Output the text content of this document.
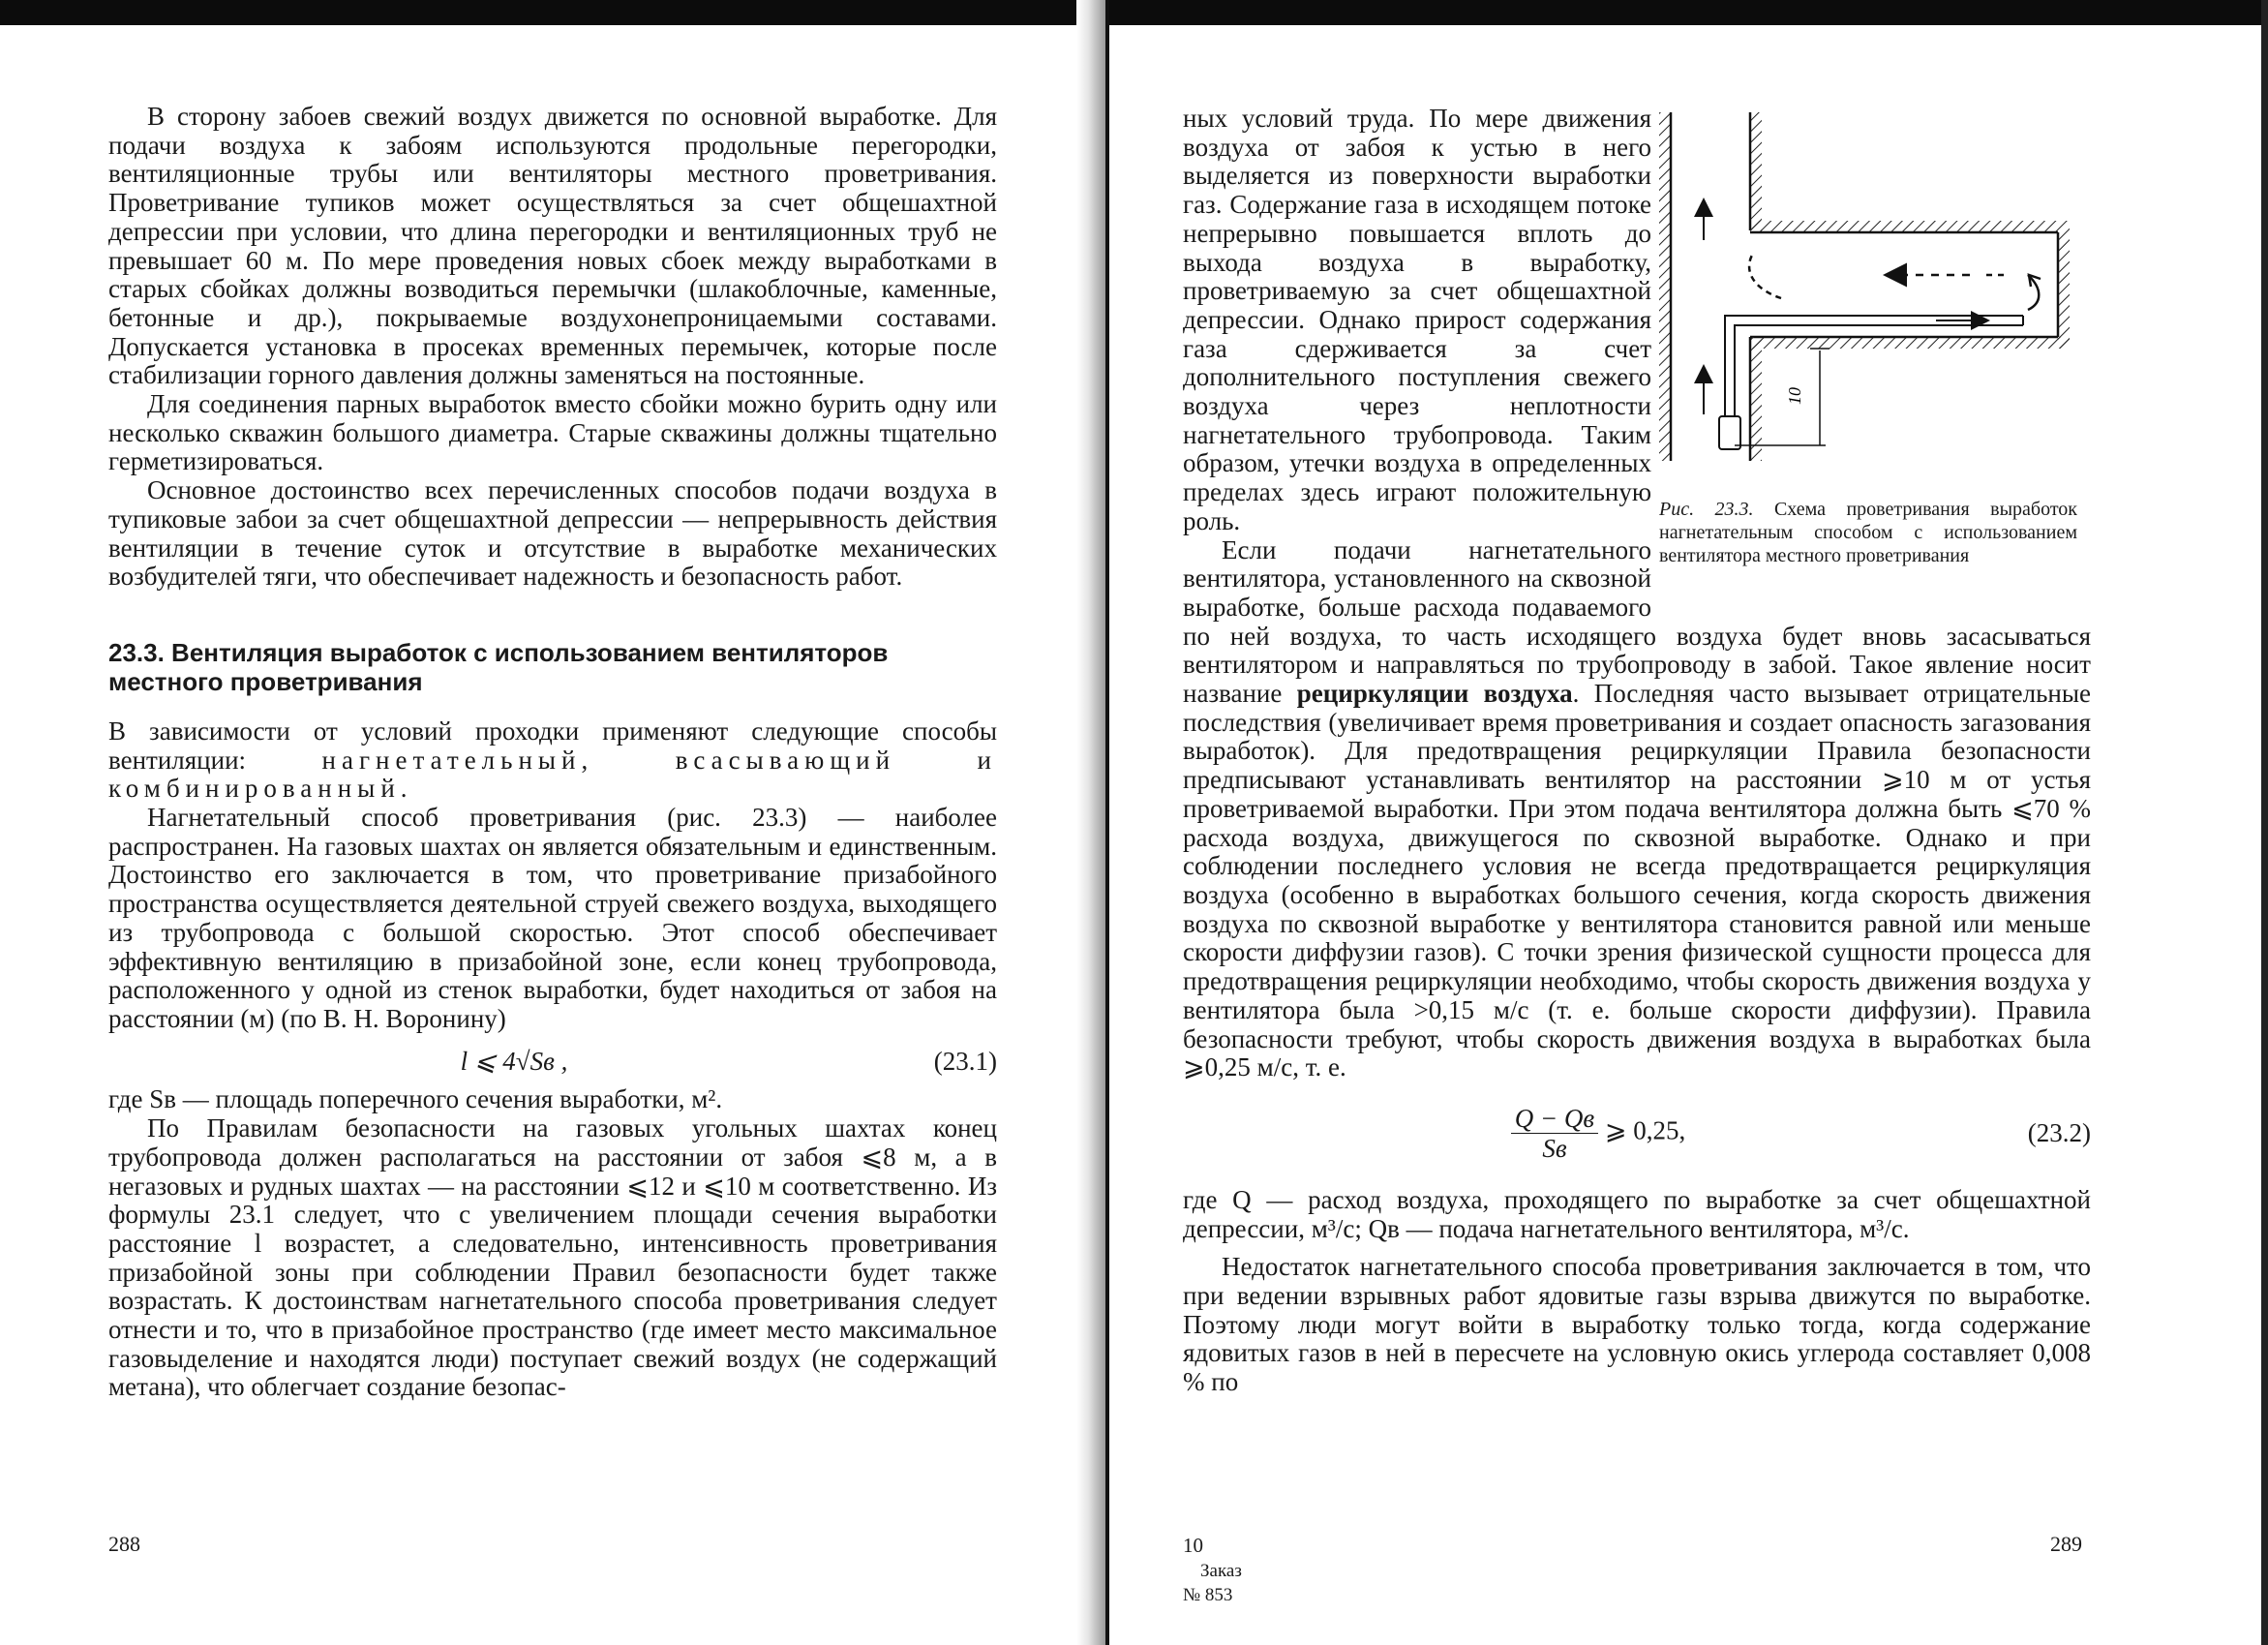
В сторону забоев свежий воздух движется по основной выработке. Для подачи воздуха к забоям используются продольные перегородки, вентиляционные трубы или вентиляторы местного проветривания. Проветривание тупиков может осуществляться за счет общешахтной депрессии при условии, что длина перегородки и вентиляционных труб не превышает 60 м. По мере проведения новых сбоек между выработками в старых сбойках должны возводиться перемычки (шлакоблочные, каменные, бетонные и др.), покрываемые воздухонепроницаемыми составами. Допускается установка в просеках временных перемычек, которые после стабилизации горного давления должны заменяться на постоянные.

Для соединения парных выработок вместо сбойки можно бурить одну или несколько скважин большого диаметра. Старые скважины должны тщательно герметизироваться.

Основное достоинство всех перечисленных способов подачи воздуха в тупиковые забои за счет общешахтной депрессии — непрерывность действия вентиляции в течение суток и отсутствие в выработке механических возбудителей тяги, что обеспечивает надежность и безопасность работ.

23.3. Вентиляция выработок с использованием вентиляторов местного проветривания

В зависимости от условий проходки применяют следующие способы вентиляции:	нагнетательный, всасывающий и комбинированный.

Нагнетательный способ проветривания (рис. 23.3) — наиболее распространен. На газовых шахтах он является обязательным и единственным. Достоинство его заключается в том, что проветривание призабойного пространства осуществляется деятельной струей свежего воздуха, выходящего из трубопровода с большой скоростью. Этот способ обеспечивает эффективную вентиляцию в призабойной зоне, если конец трубопровода, расположенного у одной из стенок выработки, будет находиться от забоя на расстоянии (м) (по В. Н. Воронину)

l ⩽ 4√Sв ,	(23.1)

где Sв — площадь поперечного сечения выработки, м².

По Правилам безопасности на газовых угольных шахтах конец трубопровода должен располагаться на расстоянии от забоя ⩽8 м, а в негазовых и рудных шахтах — на расстоянии ⩽12 и ⩽10 м соответственно. Из формулы 23.1 следует, что с увеличением площади сечения выработки расстояние l возрастет, а следовательно, интенсивность проветривания призабойной зоны при соблюдении Правил безопасности будет также возрастать. К достоинствам нагнетательного способа проветривания следует отнести и то, что в призабойное пространство (где имеет место максимальное газовыделение и находятся люди) поступает свежий воздух (не содержащий метана), что облегчает создание безопас-

288

ных условий труда. По мере движения воздуха от забоя к устью в него выделяется из поверхности выработки газ. Содержание газа в исходящем потоке непрерывно повышается вплоть до выхода воздуха в выработку, проветриваемую за счет общешахтной депрессии. Однако прирост содержания газа сдерживается за счет дополнительного поступления свежего воздуха через неплотности нагнетательного трубопровода. Таким образом, утечки воздуха в определенных пределах здесь играют положительную роль.

Если подачи нагнетательного вентилятора, установленного на сквозной выработке, больше расхода подаваемого по ней воздуха, то часть исходящего воздуха будет вновь засасываться вентилятором и направляться по трубопроводу в забой. Такое явление носит название рециркуляции воздуха. Последняя часто вызывает отрицательные последствия (увеличивает время проветривания и создает опасность загазования выработок). Для предотвращения рециркуляции Правила безопасности предписывают устанавливать вентилятор на расстоянии ⩾10 м от устья проветриваемой выработки. При этом подача вентилятора должна быть ⩽70 % расхода воздуха, движущегося по сквозной выработке. Однако и при соблюдении последнего условия не всегда предотвращается рециркуляция воздуха (особенно в выработках большого сечения, когда скорость движения воздуха по сквозной выработке у вентилятора становится равной или меньше скорости диффузии газов). С точки зрения физической сущности процесса для предотвращения рециркуляции необходимо, чтобы скорость движения воздуха у вентилятора была >0,15 м/с (т. е. больше скорости диффузии). Правила безопасности требуют, чтобы скорость движения воздуха в выработках была ⩾0,25 м/с, т. е.

$\frac{Q - Qв}{Sв}$ ⩾ 0,25,	(23.2)

где Q — расход воздуха, проходящего по выработке за счет общешахтной депрессии, м³/с; Qв — подача нагнетательного вентилятора, м³/с.

Недостаток нагнетательного способа проветривания заключается в том, что при ведении взрывных работ ядовитые газы взрыва движутся по выработке. Поэтому люди могут войти в выработку только тогда, когда содержание ядовитых газов в ней в пересчете на условную окись углерода составляет 0,008 % по

10
Рис. 23.3. Схема проветривания выработок нагнетательным способом с использованием вентилятора местного проветривания
10 Заказ № 853
289
